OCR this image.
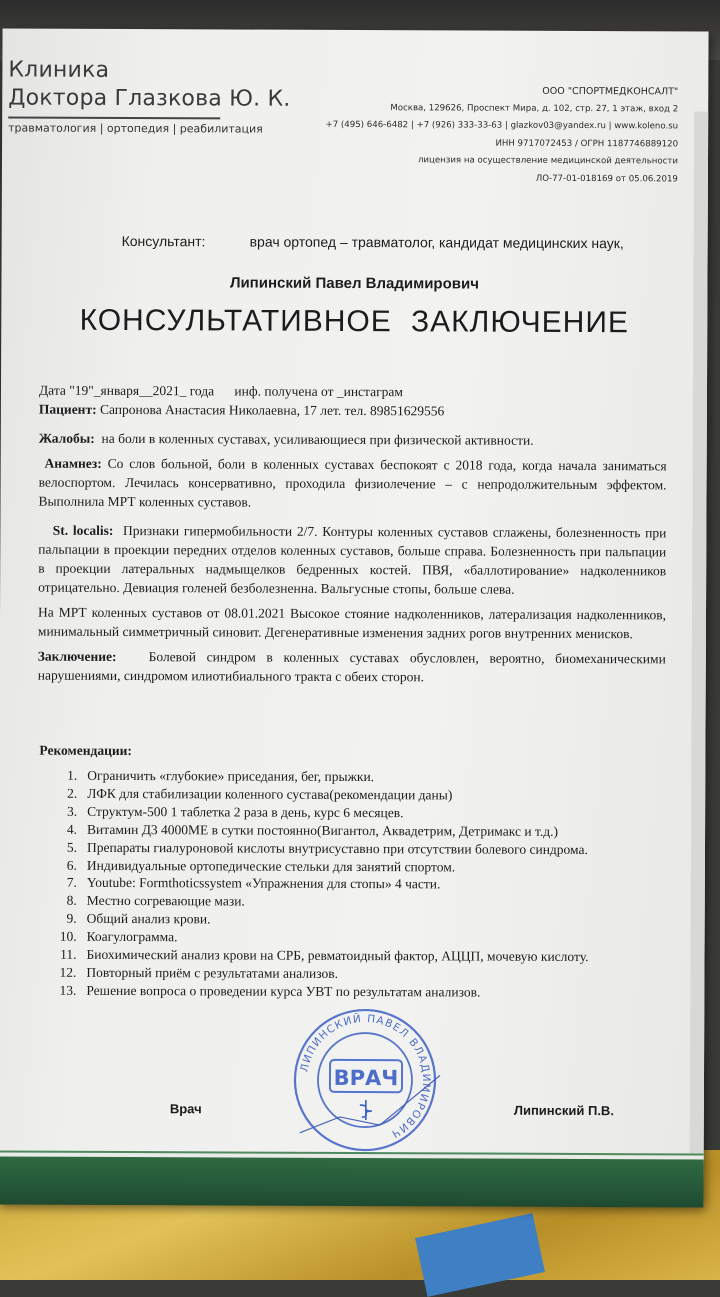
Клиника
Доктора Глазкова Ю. К.
травматология | ортопедия | реабилитация
ООО "СПОРТМЕДКОНСАЛТ"
Москва, 129626, Проспект Мира, д. 102, стр. 27, 1 этаж, вход 2
+7 (495) 646-6482 | +7 (926) 333-33-63 | glazkov03@yandex.ru | www.koleno.su
ИНН 9717072453 / ОГРН 1187746889120
лицензия на осуществление медицинской деятельности
ЛО-77-01-018169 от 05.06.2019
Консультант:	врач ортопед – травматолог, кандидат медицинских наук,
Липинский Павел Владимирович
КОНСУЛЬТАТИВНОЕ ЗАКЛЮЧЕНИЕ

Дата "19"_января__2021_ года инф. получена от _инстаграм

Пациент: Сапронова Анастасия Николаевна, 17 лет. тел. 89851629556

Жалобы: на боли в коленных суставах, усиливающиеся при физической активности.

Анамнез: Со слов больной, боли в коленных суставах беспокоят с 2018 года, когда начала заниматься велоспортом. Лечилась консервативно, проходила физиолечение – с непродолжительным эффектом. Выполнила МРТ коленных суставов.

St. localis: Признаки гипермобильности 2/7. Контуры коленных суставов сглажены, болезненность при пальпации в проекции передних отделов коленных суставов, больше справа. Болезненность при пальпации в проекции латеральных надмыщелков бедренных костей. ПВЯ, «баллотирование» надколенников отрицательно. Девиация голеней безболезненна. Вальгусные стопы, больше слева.

На МРТ коленных суставов от 08.01.2021 Высокое стояние надколенников, латерализация надколенников, минимальный симметричный синовит. Дегенеративные изменения задних рогов внутренних менисков.

Заключение: Болевой синдром в коленных суставах обусловлен, вероятно, биомеханическими нарушениями, синдромом илиотибиального тракта с обеих сторон.

Рекомендации:
1. Ограничить «глубокие» приседания, бег, прыжки.
2. ЛФК для стабилизации коленного сустава(рекомендации даны)
3. Структум-500 1 таблетка 2 раза в день, курс 6 месяцев.
4. Витамин Д3 4000МЕ в сутки постоянно(Вигантол, Аквадетрим, Детримакс и т.д.)
5. Препараты гиалуроновой кислоты внутрисуставно при отсутствии болевого синдрома.
6. Индивидуальные ортопедические стельки для занятий спортом.
7. Youtube: Formthoticssystem «Упражнения для стопы» 4 части.
8. Местно согревающие мази.
9. Общий анализ крови.
10. Коагулограмма.
11. Биохимический анализ крови на СРБ, ревматоидный фактор, АЦЦП, мочевую кислоту.
12. Повторный приём с результатами анализов.
13. Решение вопроса о проведении курса УВТ по результатам анализов.
Врач	Липинский П.В.
ЛИПИНСКИЙ ПАВЕЛ ВЛАДИМИРОВИЧ
ВРАЧ
